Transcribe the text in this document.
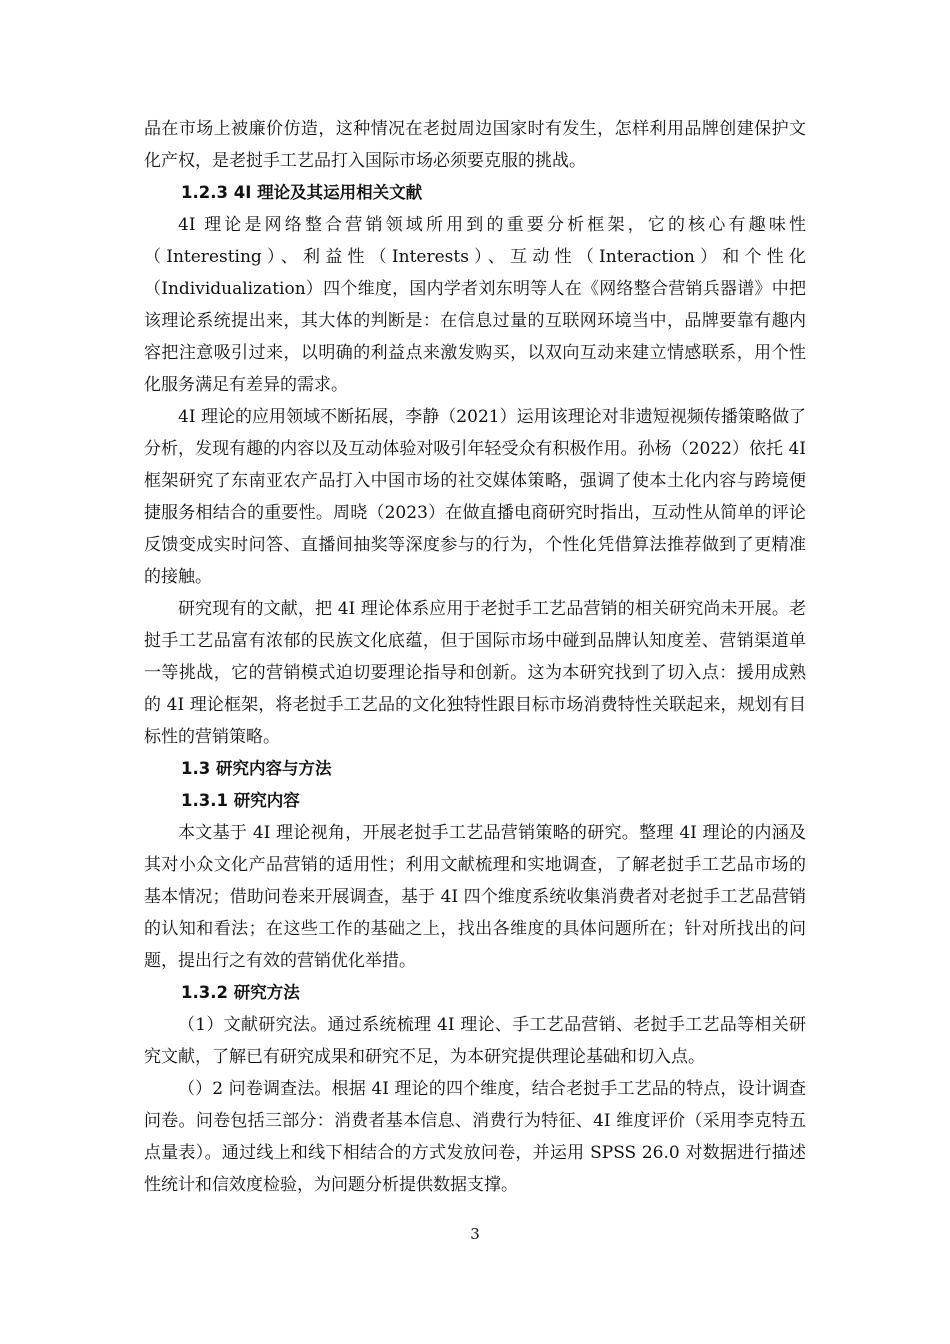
品在市场上被廉价仿造，这种情况在老挝周边国家时有发生，怎样利用品牌创建保护文化产权，是老挝手工艺品打入国际市场必须要克服的挑战。

1.2.3 4I 理论及其运用相关文献

4I 理论是网络整合营销领域所用到的重要分析框架，它的核心有趣味性（Interesting）、利益性（Interests）、互动性（Interaction）和个性化（Individualization）四个维度，国内学者刘东明等人在《网络整合营销兵器谱》中把该理论系统提出来，其大体的判断是：在信息过量的互联网环境当中，品牌要靠有趣内容把注意吸引过来，以明确的利益点来激发购买，以双向互动来建立情感联系，用个性化服务满足有差异的需求。

4I 理论的应用领域不断拓展，李静（2021）运用该理论对非遗短视频传播策略做了分析，发现有趣的内容以及互动体验对吸引年轻受众有积极作用。孙杨（2022）依托 4I 框架研究了东南亚农产品打入中国市场的社交媒体策略，强调了使本土化内容与跨境便捷服务相结合的重要性。周晓（2023）在做直播电商研究时指出，互动性从简单的评论反馈变成实时问答、直播间抽奖等深度参与的行为，个性化凭借算法推荐做到了更精准的接触。

研究现有的文献，把 4I 理论体系应用于老挝手工艺品营销的相关研究尚未开展。老挝手工艺品富有浓郁的民族文化底蕴，但于国际市场中碰到品牌认知度差、营销渠道单一等挑战，它的营销模式迫切要理论指导和创新。这为本研究找到了切入点：援用成熟的 4I 理论框架，将老挝手工艺品的文化独特性跟目标市场消费特性关联起来，规划有目标性的营销策略。

1.3 研究内容与方法

1.3.1 研究内容

本文基于 4I 理论视角，开展老挝手工艺品营销策略的研究。整理 4I 理论的内涵及其对小众文化产品营销的适用性；利用文献梳理和实地调查，了解老挝手工艺品市场的基本情况；借助问卷来开展调查，基于 4I 四个维度系统收集消费者对老挝手工艺品营销的认知和看法；在这些工作的基础之上，找出各维度的具体问题所在；针对所找出的问题，提出行之有效的营销优化举措。

1.3.2 研究方法

（1）文献研究法。通过系统梳理 4I 理论、手工艺品营销、老挝手工艺品等相关研究文献，了解已有研究成果和研究不足，为本研究提供理论基础和切入点。

（）2 问卷调查法。根据 4I 理论的四个维度，结合老挝手工艺品的特点，设计调查问卷。问卷包括三部分：消费者基本信息、消费行为特征、4I 维度评价（采用李克特五点量表）。通过线上和线下相结合的方式发放问卷，并运用 SPSS 26.0 对数据进行描述性统计和信效度检验，为问题分析提供数据支撑。

3
